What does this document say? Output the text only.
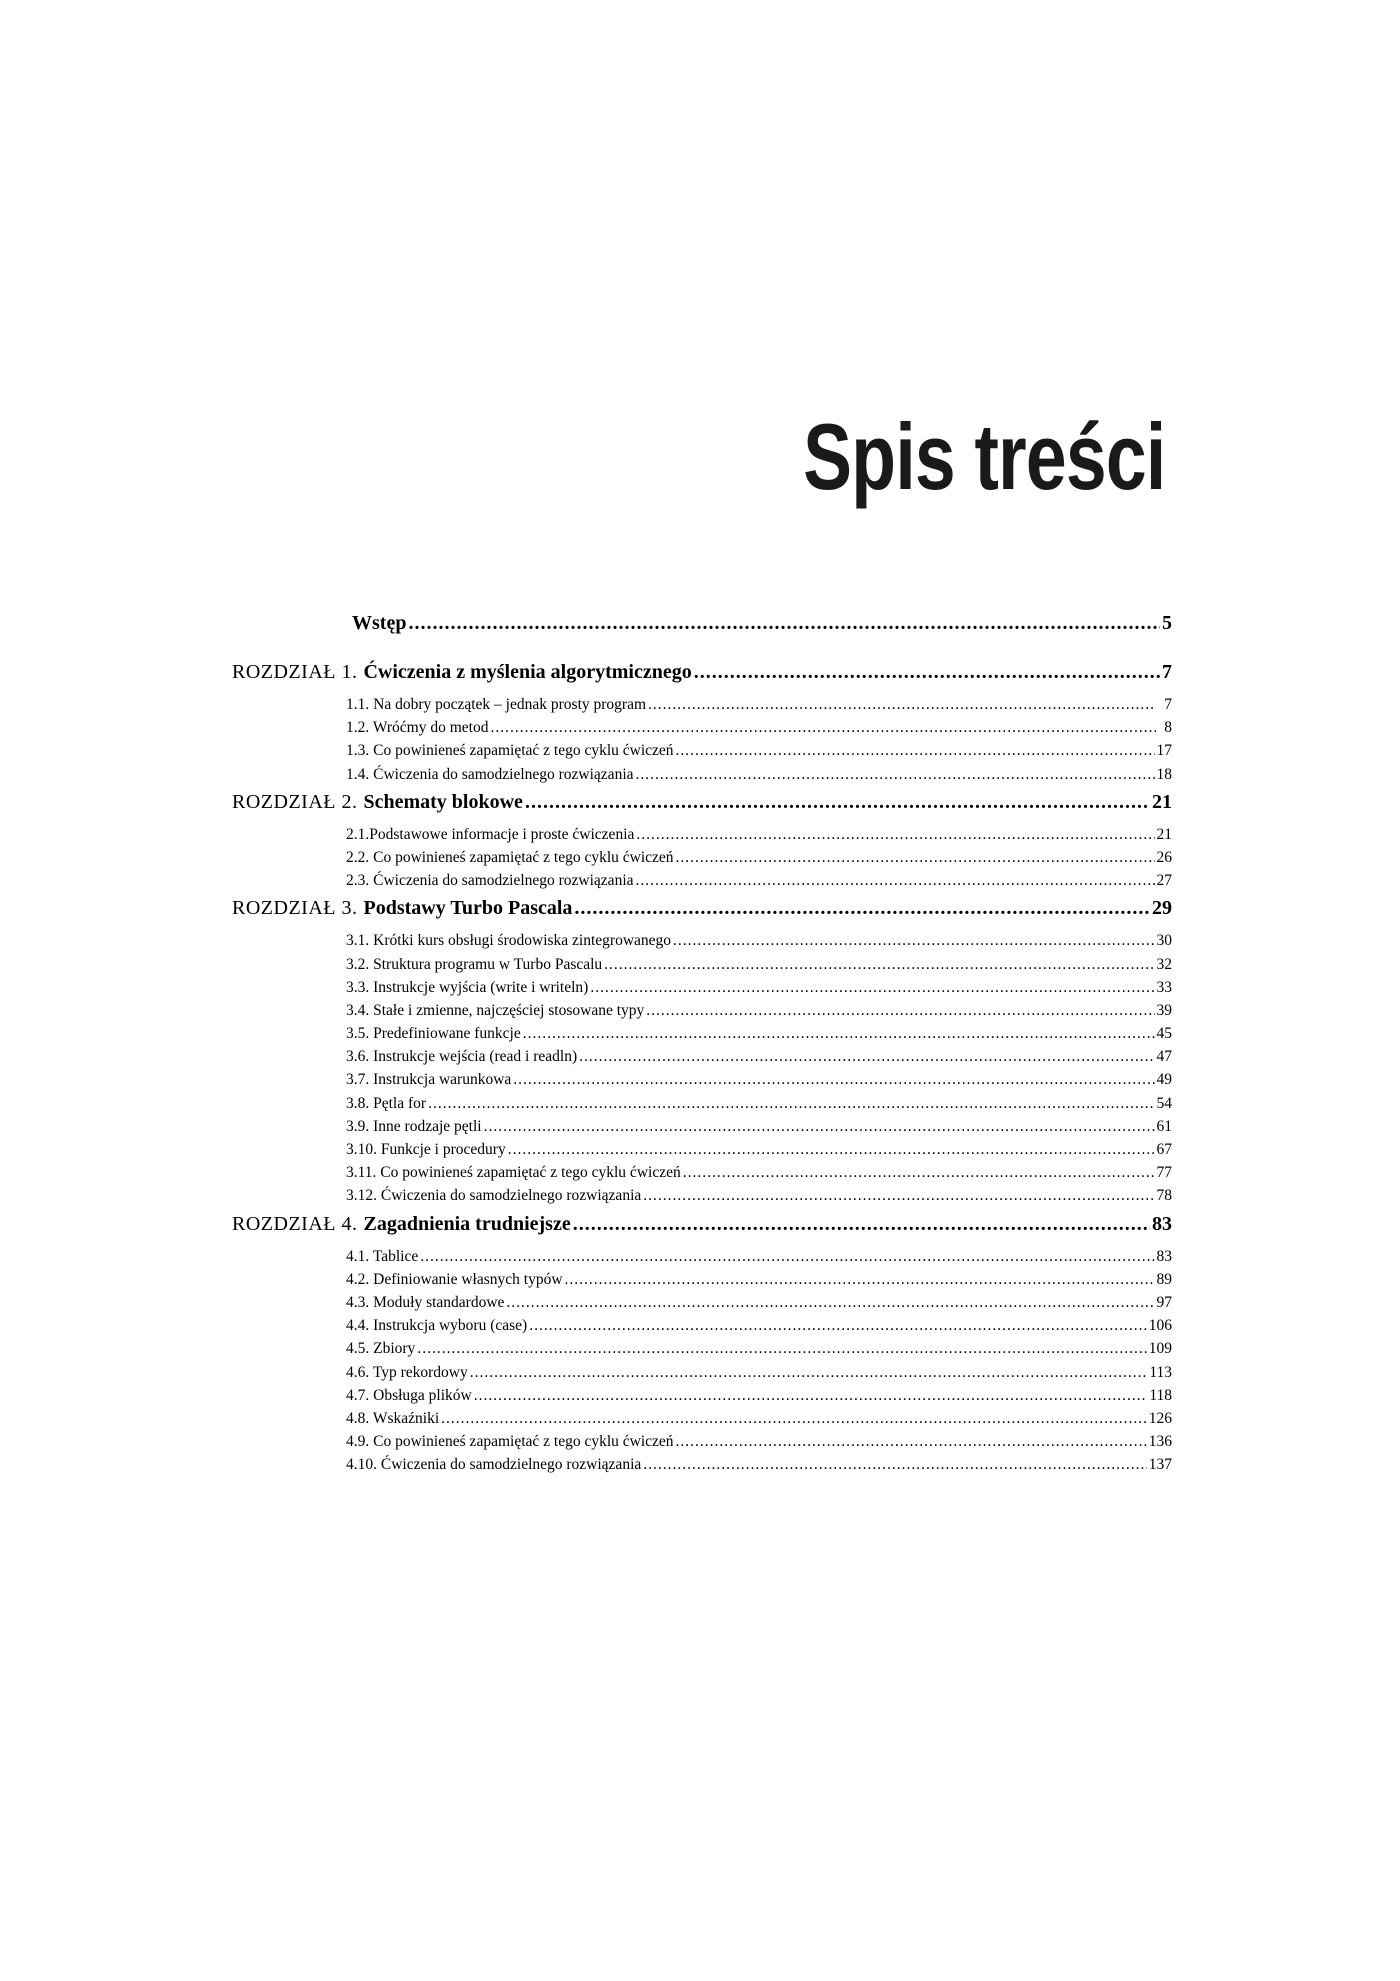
Spis treści
Wstęp .....	5
ROZDZIAŁ 1. Ćwiczenia z myślenia algorytmicznego .....	7
1.1. Na dobry początek – jednak prosty program .....	7
1.2. Wróćmy do metod .....	8
1.3. Co powinieneś zapamiętać z tego cyklu ćwiczeń .....	17
1.4. Ćwiczenia do samodzielnego rozwiązania .....	18
ROZDZIAŁ 2. Schematy blokowe .....	21
2.1.Podstawowe informacje i proste ćwiczenia .....	21
2.2. Co powinieneś zapamiętać z tego cyklu ćwiczeń .....	26
2.3. Ćwiczenia do samodzielnego rozwiązania .....	27
ROZDZIAŁ 3. Podstawy Turbo Pascala .....	29
3.1. Krótki kurs obsługi środowiska zintegrowanego .....	30
3.2. Struktura programu w Turbo Pascalu .....	32
3.3. Instrukcje wyjścia (write i writeln) .....	33
3.4. Stałe i zmienne, najczęściej stosowane typy .....	39
3.5. Predefiniowane funkcje .....	45
3.6. Instrukcje wejścia (read i readln) .....	47
3.7. Instrukcja warunkowa .....	49
3.8. Pętla for .....	54
3.9. Inne rodzaje pętli .....	61
3.10. Funkcje i procedury .....	67
3.11. Co powinieneś zapamiętać z tego cyklu ćwiczeń .....	77
3.12. Ćwiczenia do samodzielnego rozwiązania .....	78
ROZDZIAŁ 4. Zagadnienia trudniejsze .....	83
4.1. Tablice .....	83
4.2. Definiowanie własnych typów .....	89
4.3. Moduły standardowe .....	97
4.4. Instrukcja wyboru (case) .....	106
4.5. Zbiory .....	109
4.6. Typ rekordowy .....	113
4.7. Obsługa plików .....	118
4.8. Wskaźniki .....	126
4.9. Co powinieneś zapamiętać z tego cyklu ćwiczeń .....	136
4.10. Ćwiczenia do samodzielnego rozwiązania .....	137
